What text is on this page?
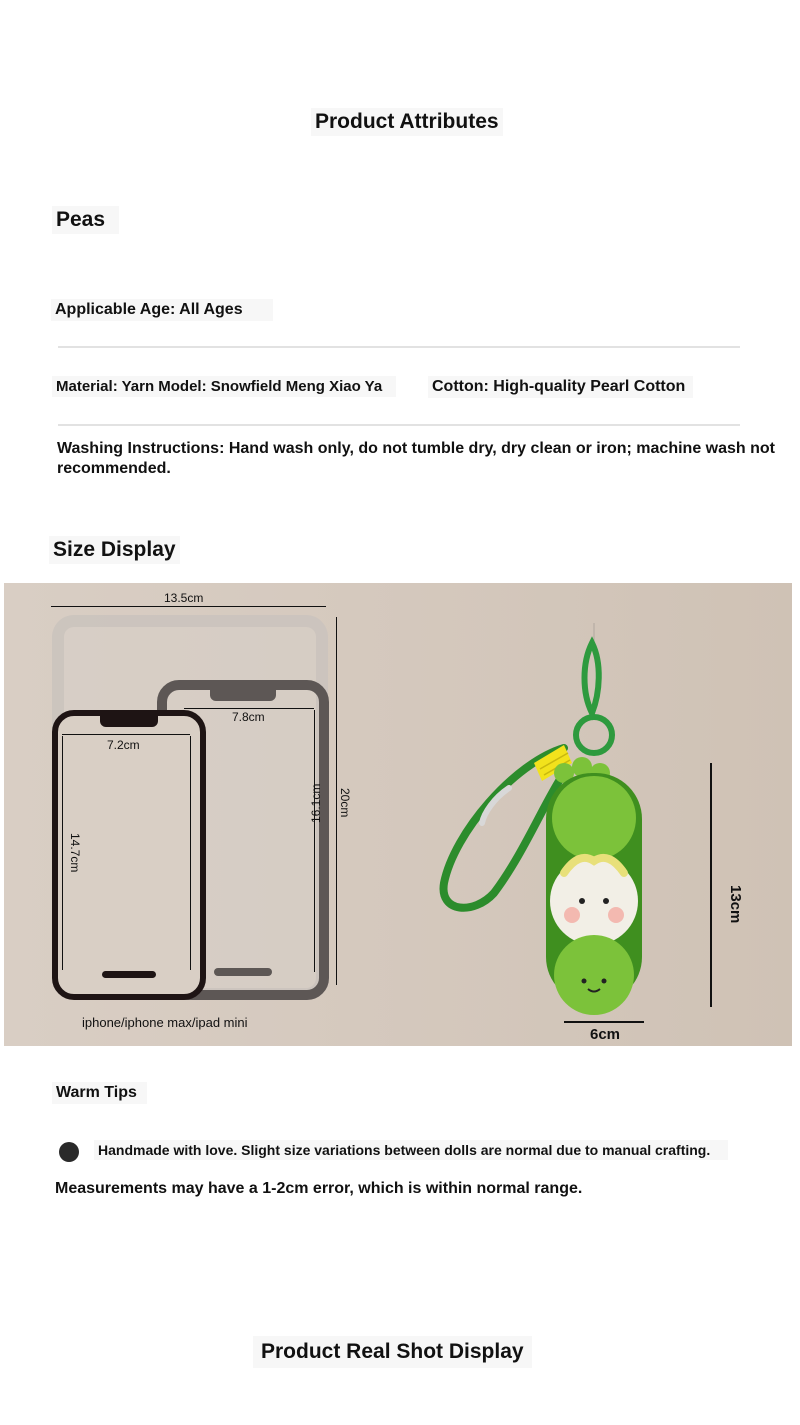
Product Attributes
Peas
Applicable Age: All Ages
Material: Yarn Model: Snowfield Meng Xiao Ya	Cotton: High-quality Pearl Cotton
Washing Instructions: Hand wash only, do not tumble dry, dry clean or iron; machine wash not
recommended.
Size Display
13.5cm
20cm
7.8cm
16.1cm
7.2cm
14.7cm
iphone/iphone max/ipad mini
13cm
6cm
Warm Tips
Handmade with love. Slight size variations between dolls are normal due to manual crafting.
Measurements may have a 1-2cm error, which is within normal range.
Product Real Shot Display
